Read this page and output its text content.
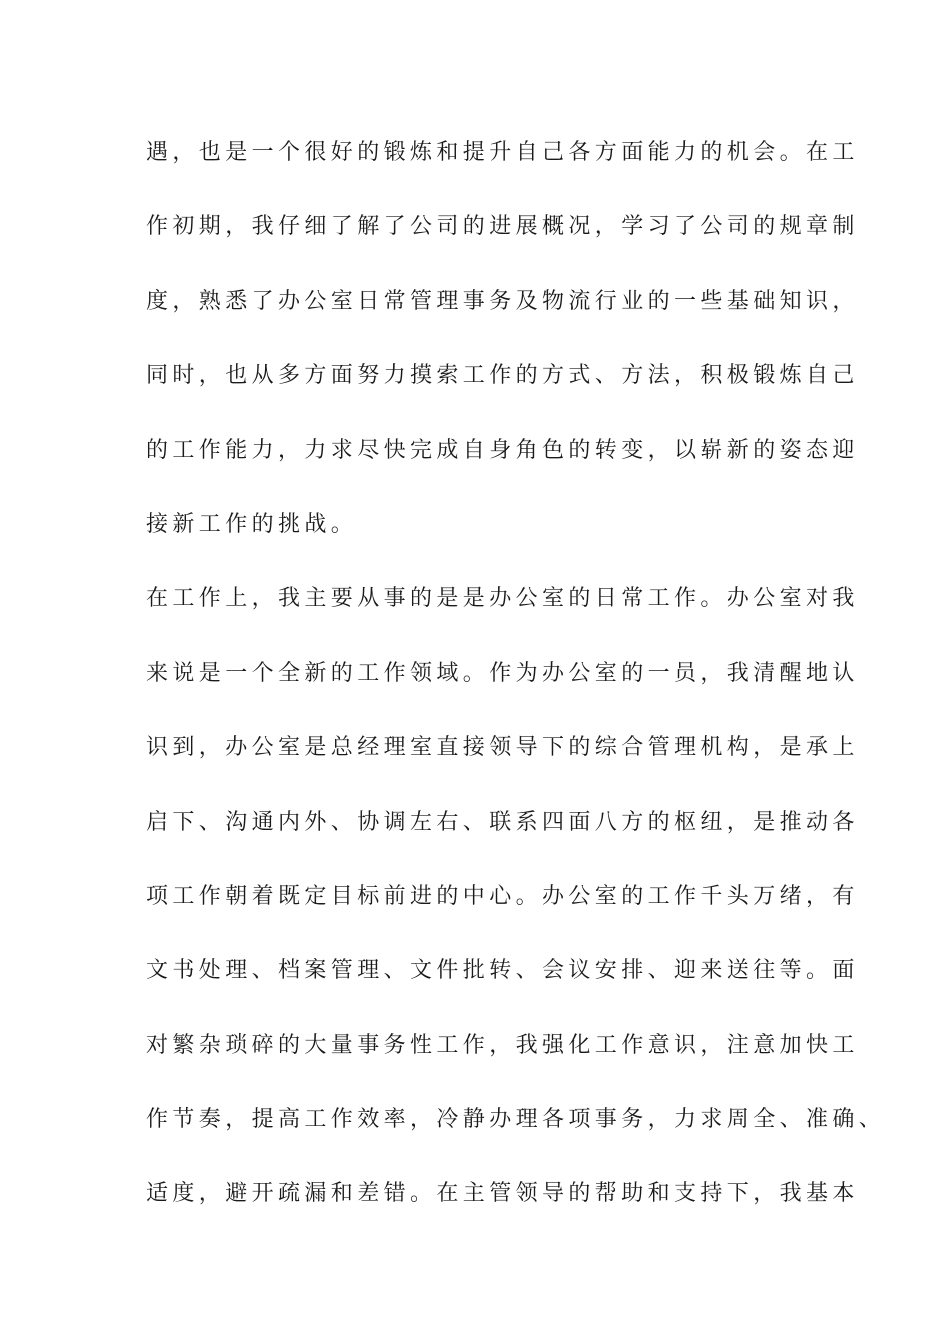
遇，也是一个很好的锻炼和提升自己各方面能力的机会。在工
作初期，我仔细了解了公司的进展概况，学习了公司的规章制
度，熟悉了办公室日常管理事务及物流行业的一些基础知识，
同时，也从多方面努力摸索工作的方式、方法，积极锻炼自己
的工作能力，力求尽快完成自身角色的转变，以崭新的姿态迎
接新工作的挑战。
在工作上，我主要从事的是是办公室的日常工作。办公室对我
来说是一个全新的工作领域。作为办公室的一员，我清醒地认
识到，办公室是总经理室直接领导下的综合管理机构，是承上
启下、沟通内外、协调左右、联系四面八方的枢纽，是推动各
项工作朝着既定目标前进的中心。办公室的工作千头万绪，有
文书处理、档案管理、文件批转、会议安排、迎来送往等。面
对繁杂琐碎的大量事务性工作，我强化工作意识，注意加快工
作节奏，提高工作效率，冷静办理各项事务，力求周全、准确、
适度，避开疏漏和差错。在主管领导的帮助和支持下，我基本
